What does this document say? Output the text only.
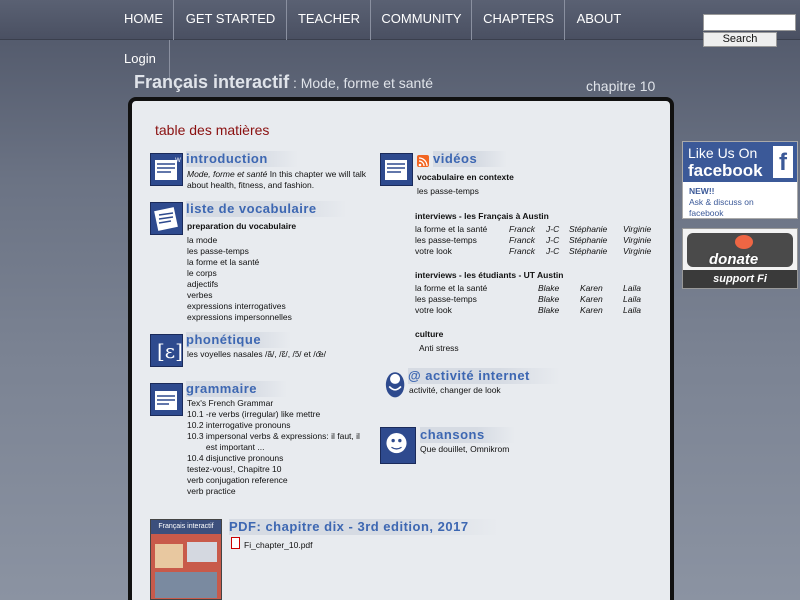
HOME	GET STARTED	TEACHER	COMMUNITY	CHAPTERS	ABOUT
Login
Search
Français interactif : Mode, forme et santé	chapitre 10
table des matières
W introduction
Mode, forme et santé In this chapter we will talk
about health, fitness, and fashion.
liste de vocabulaire
preparation du vocabulaire
la mode
les passe-temps
la forme et la santé
le corps
adjectifs
verbes
expressions interrogatives
expressions impersonnelles
[ɛ] phonétique
les voyelles nasales /ã/, /ɛ̃/, /ɔ̃/ et /œ̃/
grammaire
Tex's French Grammar
10.1 -re verbs (irregular) like mettre
10.2 interrogative pronouns
10.3 impersonal verbs & expressions: il faut, il
est important ...
10.4 disjunctive pronouns
testez-vous!, Chapitre 10
verb conjugation reference
verb practice
vidéos
vocabulaire en contexte
les passe-temps
interviews - les Français à Austin
la forme et la santé	Franck J-C Stéphanie Virginie
les passe-temps	Franck J-C Stéphanie Virginie
votre look	Franck J-C Stéphanie Virginie
interviews - les étudiants - UT Austin
la forme et la santé	Blake Karen Laila
les passe-temps	Blake Karen Laila
votre look	Blake Karen Laila
culture
Anti stress
@ activité internet
activité, changer de look
chansons
Que douillet, Omnikrom
Français interactif	PDF: chapitre dix - 3rd edition, 2017
Fi_chapter_10.pdf
Like Us On
facebook f
NEW!!
Ask & discuss on
facebook
donate
support Fi
